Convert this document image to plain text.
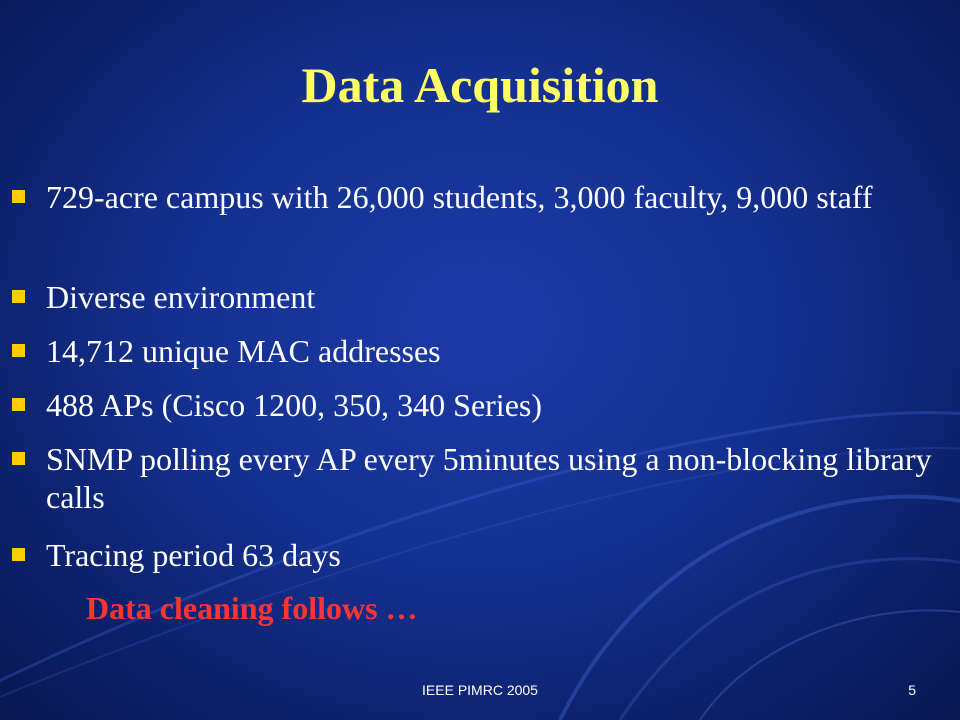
Data Acquisition
729-acre campus with 26,000 students, 3,000 faculty, 9,000 staff
Diverse environment
14,712 unique MAC addresses
488 APs (Cisco 1200, 350, 340 Series)
SNMP polling every AP every 5minutes using a non-blocking library calls
Tracing period 63 days
Data cleaning follows …
IEEE PIMRC 2005	5
